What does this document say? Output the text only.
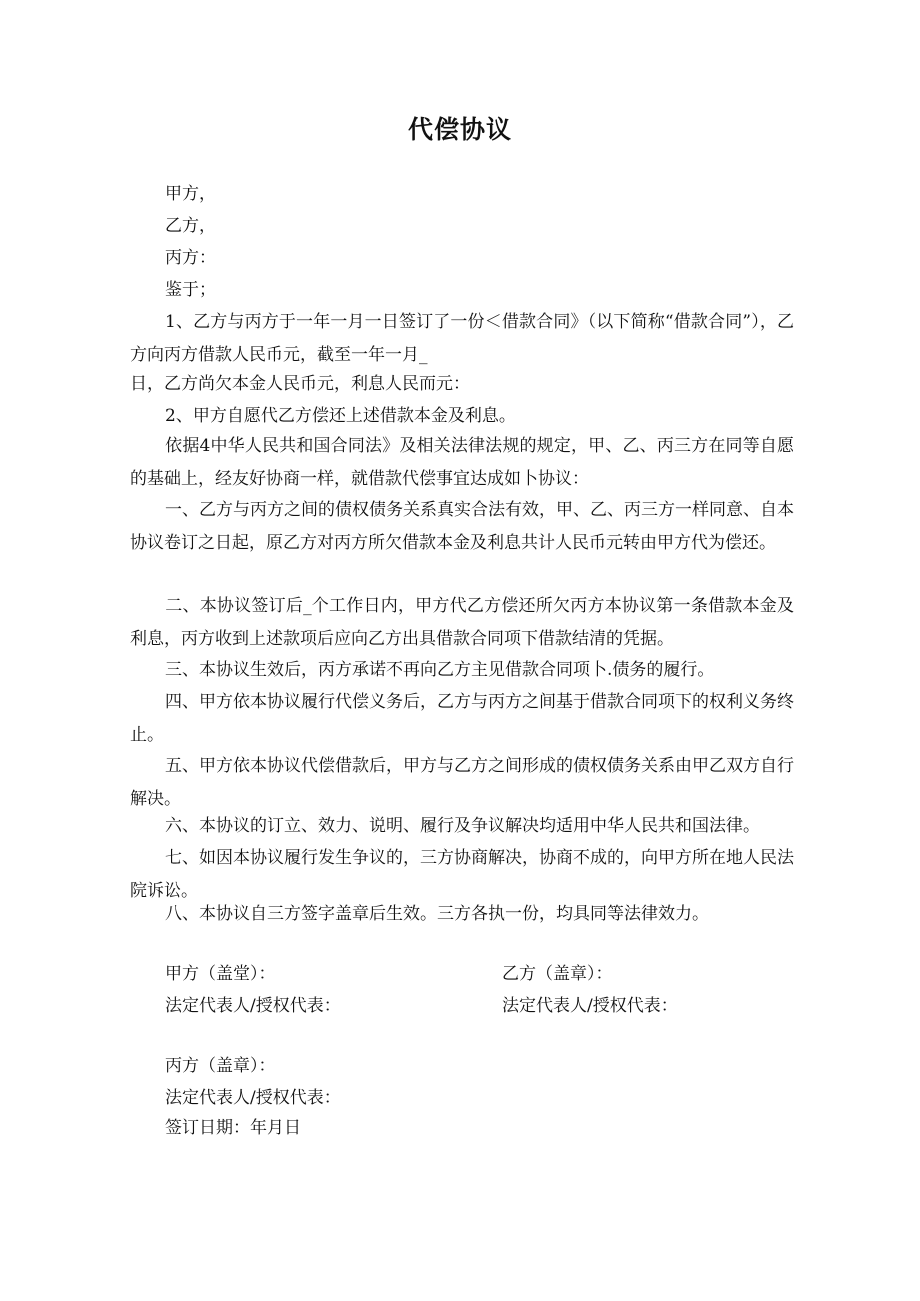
代偿协议
甲方，
乙方，
丙方：
鉴于；

1、乙方与丙方于一年一月一日签订了一份＜借款合同》（以下简称“借款合同”），乙方向丙方借款人民币元，截至一年一月_

日，乙方尚欠本金人民币元，利息人民而元：
2、甲方自愿代乙方偿还上述借款本金及利息。

依据4中华人民共和国合同法》及相关法律法规的规定，甲、乙、丙三方在同等自愿的基础上，经友好协商一样，就借款代偿事宜达成如卜协议：

一、乙方与丙方之间的债权债务关系真实合法有效，甲、乙、丙三方一样同意、自本协议卷订之日起，原乙方对丙方所欠借款本金及利息共计人民币元转由甲方代为偿还。

二、本协议签订后_个工作日内，甲方代乙方偿还所欠丙方本协议第一条借款本金及利息，丙方收到上述款项后应向乙方出具借款合同项下借款结清的凭据。

三、本协议生效后，丙方承诺不再向乙方主见借款合同项卜.债务的履行。

四、甲方依本协议履行代偿义务后，乙方与丙方之间基于借款合同项下的权利义务终止。

五、甲方依本协议代偿借款后，甲方与乙方之间形成的债权债务关系由甲乙双方自行解决。

六、本协议的订立、效力、说明、履行及争议解决均适用中华人民共和国法律。

七、如因本协议履行发生争议的，三方协商解决，协商不成的，向甲方所在地人民法院诉讼。

八、本协议自三方签字盖章后生效。三方各执一份，均具同等法律效力。

甲方（盖堂）：
法定代表人/授权代表：
乙方（盖章）：
法定代表人/授权代表：
丙方（盖章）：
法定代表人/授权代表：
签订日期：年月日
